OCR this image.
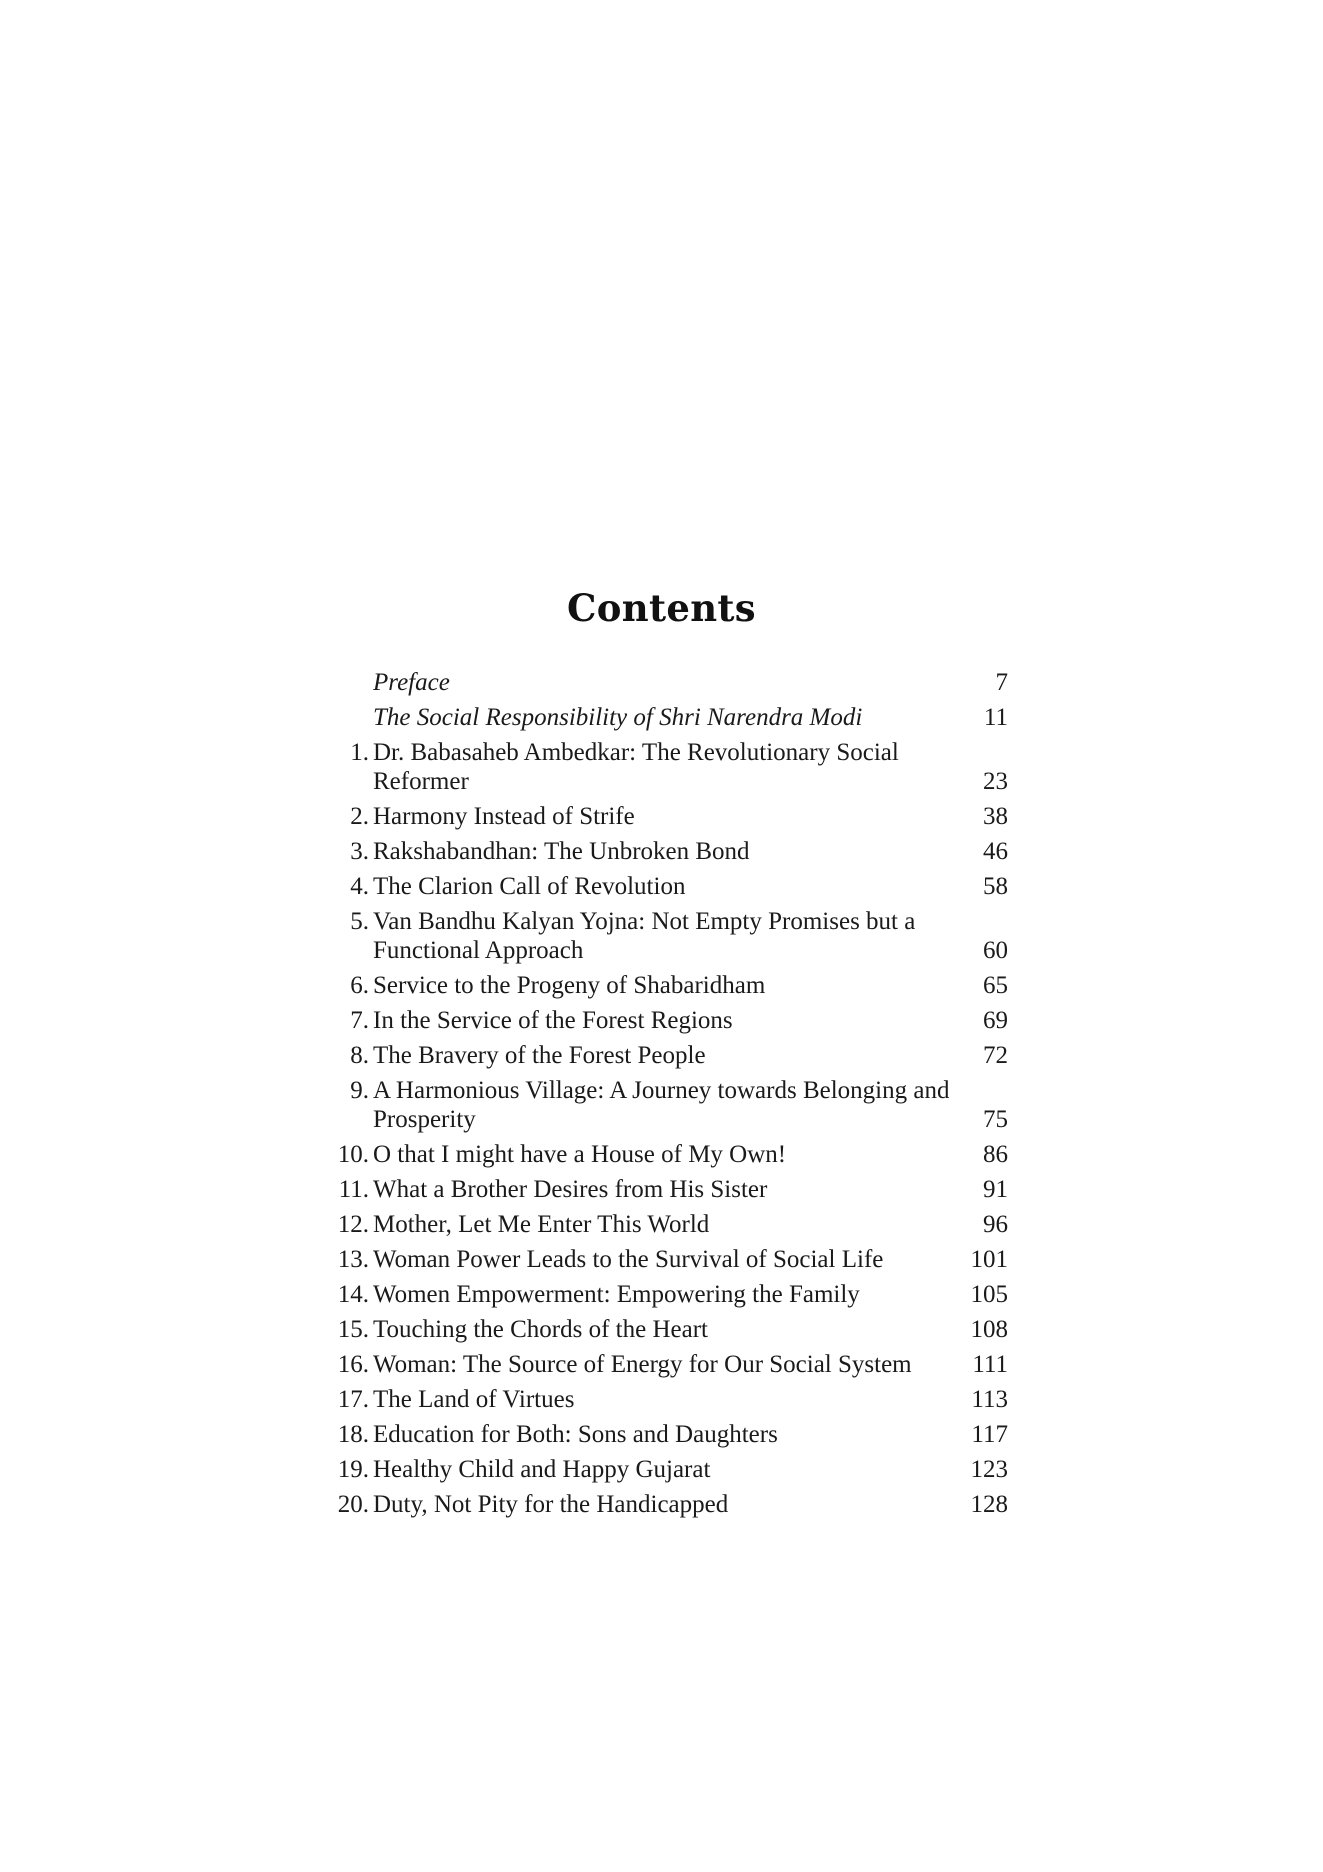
Contents
Preface	7
The Social Responsibility of Shri Narendra Modi	11
1. Dr. Babasaheb Ambedkar: The Revolutionary Social Reformer	23
2. Harmony Instead of Strife	38
3. Rakshabandhan: The Unbroken Bond	46
4. The Clarion Call of Revolution	58
5. Van Bandhu Kalyan Yojna: Not Empty Promises but a Functional Approach	60
6. Service to the Progeny of Shabaridham	65
7. In the Service of the Forest Regions	69
8. The Bravery of the Forest People	72
9. A Harmonious Village: A Journey towards Belonging and Prosperity	75
10. O that I might have a House of My Own!	86
11. What a Brother Desires from His Sister	91
12. Mother, Let Me Enter This World	96
13. Woman Power Leads to the Survival of Social Life	101
14. Women Empowerment: Empowering the Family	105
15. Touching the Chords of the Heart	108
16. Woman: The Source of Energy for Our Social System	111
17. The Land of Virtues	113
18. Education for Both: Sons and Daughters	117
19. Healthy Child and Happy Gujarat	123
20. Duty, Not Pity for the Handicapped	128
